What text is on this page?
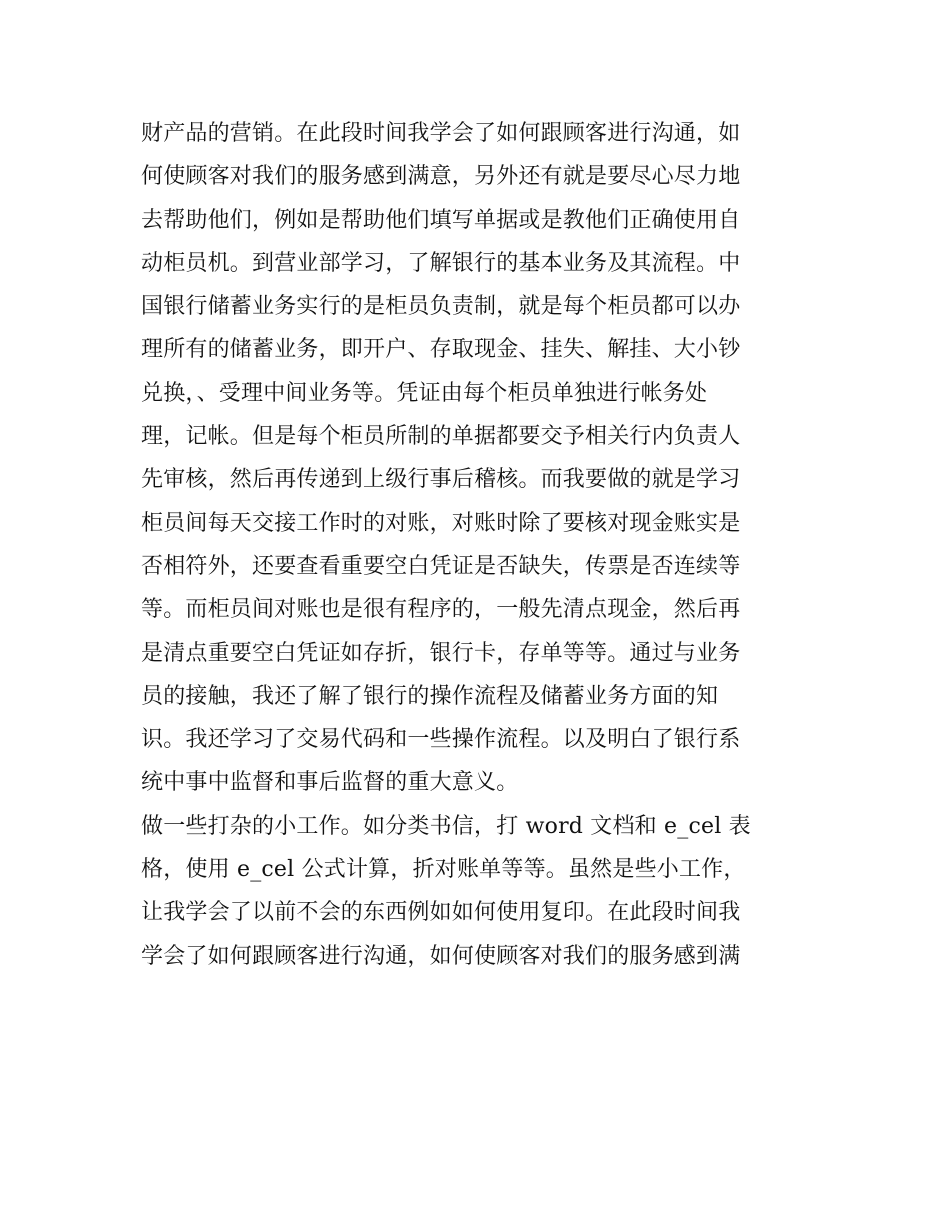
财产品的营销。在此段时间我学会了如何跟顾客进行沟通，如
何使顾客对我们的服务感到满意，另外还有就是要尽心尽力地
去帮助他们，例如是帮助他们填写单据或是教他们正确使用自
动柜员机。到营业部学习，了解银行的基本业务及其流程。中
国银行储蓄业务实行的是柜员负责制，就是每个柜员都可以办
理所有的储蓄业务，即开户、存取现金、挂失、解挂、大小钞
兑换，、受理中间业务等。凭证由每个柜员单独进行帐务处
理，记帐。但是每个柜员所制的单据都要交予相关行内负责人
先审核，然后再传递到上级行事后稽核。而我要做的就是学习
柜员间每天交接工作时的对账，对账时除了要核对现金账实是
否相符外，还要查看重要空白凭证是否缺失，传票是否连续等
等。而柜员间对账也是很有程序的，一般先清点现金，然后再
是清点重要空白凭证如存折，银行卡，存单等等。通过与业务
员的接触，我还了解了银行的操作流程及储蓄业务方面的知
识。我还学习了交易代码和一些操作流程。以及明白了银行系
统中事中监督和事后监督的重大意义。
做一些打杂的小工作。如分类书信，打 word 文档和 e_cel 表
格，使用 e_cel 公式计算，折对账单等等。虽然是些小工作，
让我学会了以前不会的东西例如如何使用复印。在此段时间我
学会了如何跟顾客进行沟通，如何使顾客对我们的服务感到满
